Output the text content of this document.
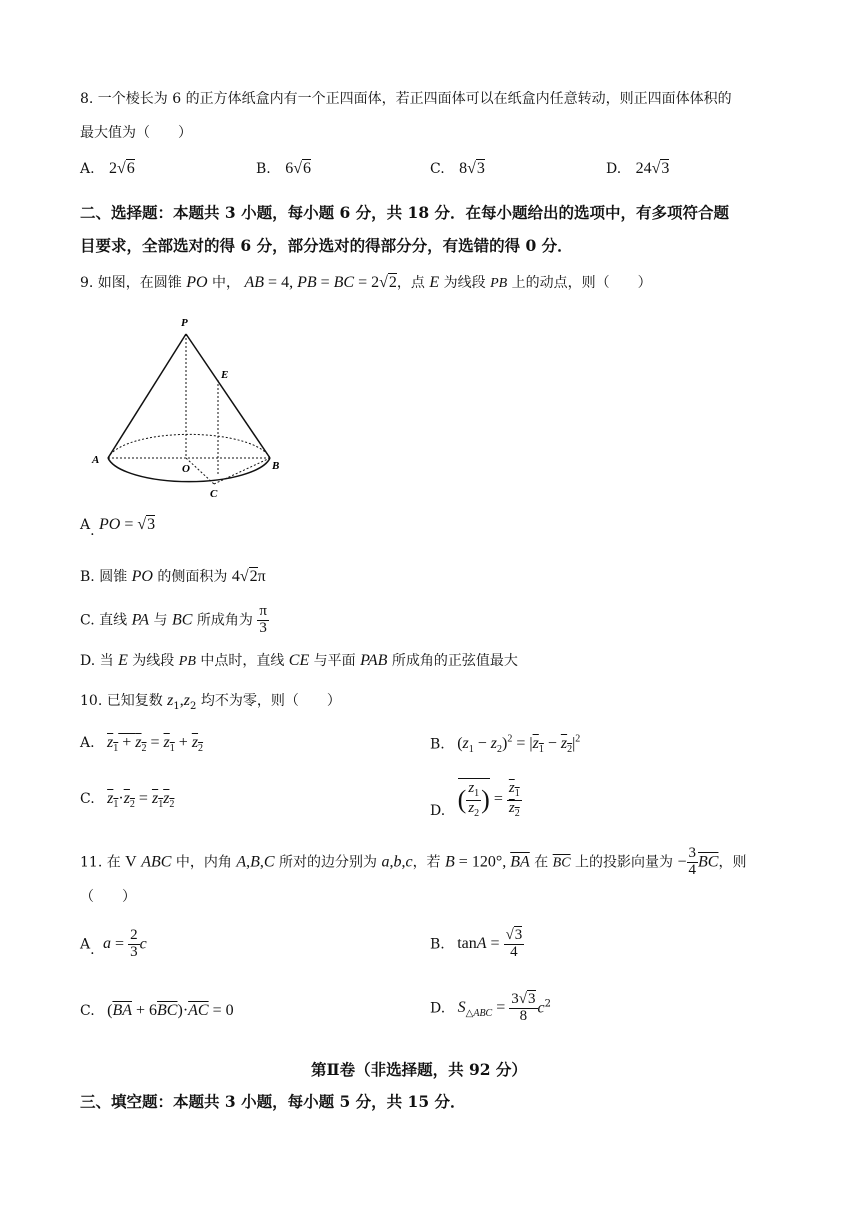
8. 一个棱长为 6 的正方体纸盒内有一个正四面体，若正四面体可以在纸盒内任意转动，则正四面体体积的
最大值为（　　）
A. 2√6	B. 6√6	C. 8√3	D. 24√3
二、选择题：本题共 3 小题，每小题 6 分，共 18 分．在每小题给出的选项中，有多项符合题
目要求，全部选对的得 6 分，部分选对的得部分分，有选错的得 0 分．
9. 如图，在圆锥 PO 中， AB = 4, PB = BC = 2√2，点 E 为线段 PB 上的动点，则（　　）
P
E
A
O	B
C
A. PO = √3
B. 圆锥 PO 的侧面积为 4√2π
C. 直线 PA 与 BC 所成角为 $\frac{\pi}{3}$
D. 当 E 为线段 PB 中点时，直线 CE 与平面 PAB 所成角的正弦值最大
10. 已知复数 $z_1,z_2$ 均不为零，则（　　）
A. $z_1 + z_2 = z_1 + z_2$	B. $(z_1 - z_2)^2 = |z_1 - z_2|^2$
C. $z_1\cdot z_2 = z_1z_2$	D. ( $\frac{z_1}{z_2}$ ) = $\frac{z_1}{z_2}$
11. 在 V ABC 中，内角 A,B,C 所对的边分别为 a,b,c，若 B = 120°, $\overline{BA}$ 在 $\overline{BC}$ 上的投影向量为 − $\frac{3}{4} \overline{BC}$，则
（　　）
A. $a = \frac{2}{3}$ c	B. $\tan A = \frac{√3}{4}$
C. $(\overline{BA} + 6\overline{BC})\cdot\overline{AC} = 0$	D. $S_{\triangle ABC} = \frac{3√3}{8} c^2$
第Ⅱ卷（非选择题，共 92 分）
三、填空题：本题共 3 小题，每小题 5 分，共 15 分．
